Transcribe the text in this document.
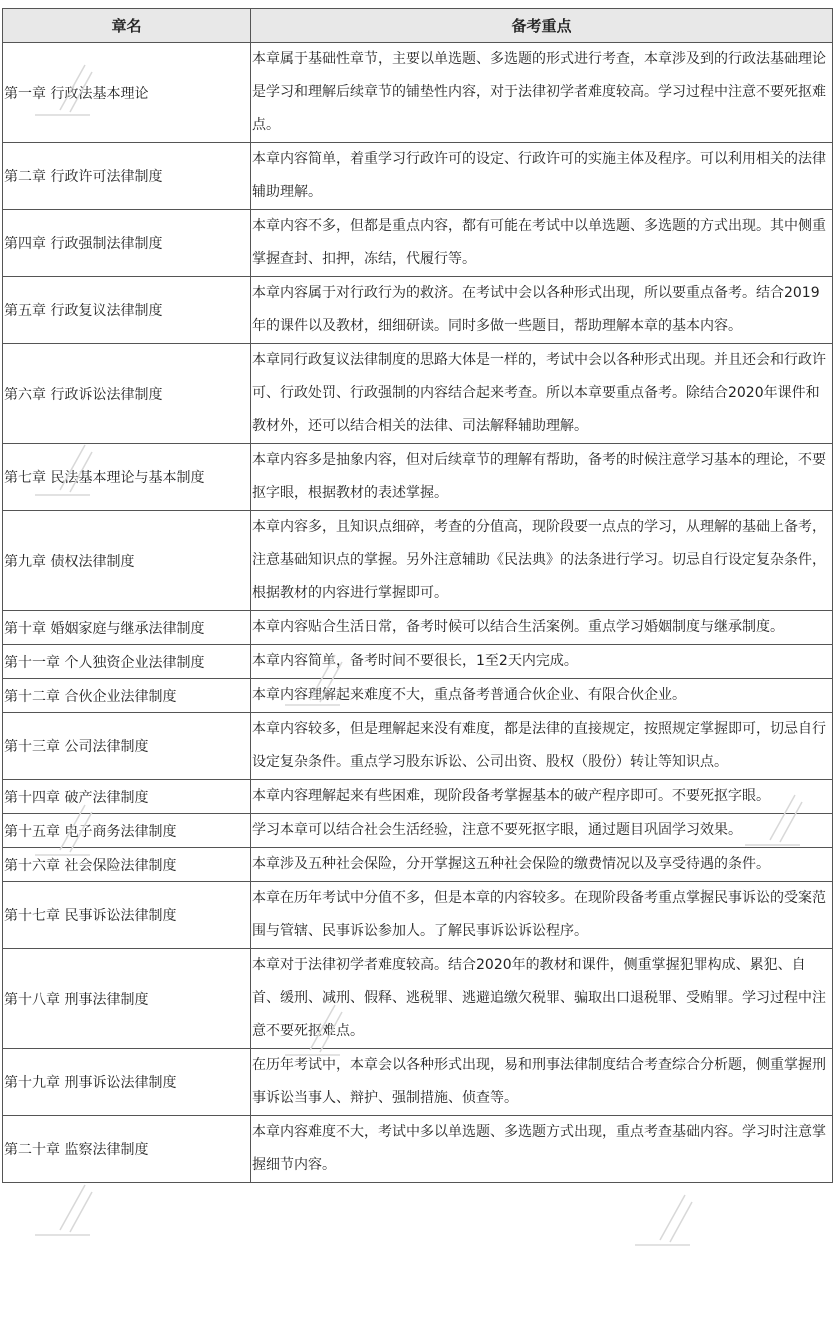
章名	备考重点
第一章 行政法基本理论	本章属于基础性章节，主要以单选题、多选题的形式进行考查，本章涉及到的行政法基础理论是学习和理解后续章节的铺垫性内容，对于法律初学者难度较高。学习过程中注意不要死抠难点。
第二章 行政许可法律制度	本章内容简单，着重学习行政许可的设定、行政许可的实施主体及程序。可以利用相关的法律辅助理解。
第四章 行政强制法律制度	本章内容不多，但都是重点内容，都有可能在考试中以单选题、多选题的方式出现。其中侧重掌握查封、扣押，冻结，代履行等。
第五章 行政复议法律制度	本章内容属于对行政行为的救济。在考试中会以各种形式出现，所以要重点备考。结合2019年的课件以及教材，细细研读。同时多做一些题目，帮助理解本章的基本内容。
第六章 行政诉讼法律制度	本章同行政复议法律制度的思路大体是一样的，考试中会以各种形式出现。并且还会和行政许可、行政处罚、行政强制的内容结合起来考查。所以本章要重点备考。除结合2020年课件和教材外，还可以结合相关的法律、司法解释辅助理解。
第七章 民法基本理论与基本制度	本章内容多是抽象内容，但对后续章节的理解有帮助，备考的时候注意学习基本的理论，不要抠字眼，根据教材的表述掌握。
第九章 债权法律制度	本章内容多，且知识点细碎，考查的分值高，现阶段要一点点的学习，从理解的基础上备考，注意基础知识点的掌握。另外注意辅助《民法典》的法条进行学习。切忌自行设定复杂条件，根据教材的内容进行掌握即可。
第十章 婚姻家庭与继承法律制度	本章内容贴合生活日常，备考时候可以结合生活案例。重点学习婚姻制度与继承制度。
第十一章 个人独资企业法律制度	本章内容简单，备考时间不要很长，1至2天内完成。
第十二章 合伙企业法律制度	本章内容理解起来难度不大，重点备考普通合伙企业、有限合伙企业。
第十三章 公司法律制度	本章内容较多，但是理解起来没有难度，都是法律的直接规定，按照规定掌握即可，切忌自行设定复杂条件。重点学习股东诉讼、公司出资、股权（股份）转让等知识点。
第十四章 破产法律制度	本章内容理解起来有些困难，现阶段备考掌握基本的破产程序即可。不要死抠字眼。
第十五章 电子商务法律制度	学习本章可以结合社会生活经验，注意不要死抠字眼，通过题目巩固学习效果。
第十六章 社会保险法律制度	本章涉及五种社会保险，分开掌握这五种社会保险的缴费情况以及享受待遇的条件。
第十七章 民事诉讼法律制度	本章在历年考试中分值不多，但是本章的内容较多。在现阶段备考重点掌握民事诉讼的受案范围与管辖、民事诉讼参加人。了解民事诉讼诉讼程序。
第十八章 刑事法律制度	本章对于法律初学者难度较高。结合2020年的教材和课件，侧重掌握犯罪构成、累犯、自首、缓刑、减刑、假释、逃税罪、逃避追缴欠税罪、骗取出口退税罪、受贿罪。学习过程中注意不要死抠难点。
第十九章 刑事诉讼法律制度	在历年考试中，本章会以各种形式出现，易和刑事法律制度结合考查综合分析题，侧重掌握刑事诉讼当事人、辩护、强制措施、侦查等。
第二十章 监察法律制度	本章内容难度不大，考试中多以单选题、多选题方式出现，重点考查基础内容。学习时注意掌握细节内容。
